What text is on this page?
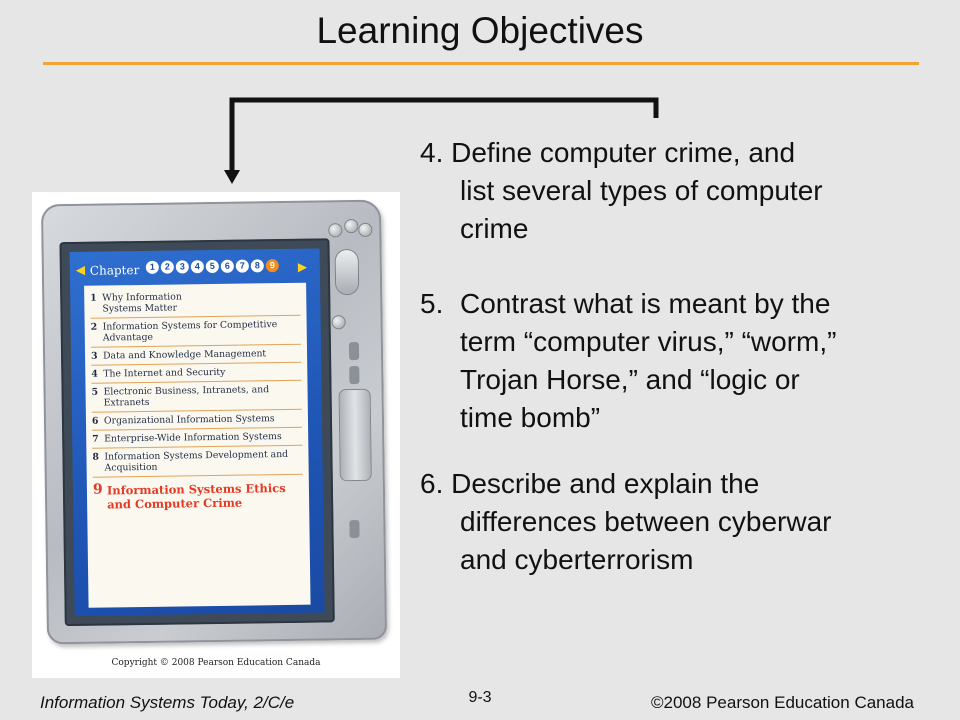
Learning Objectives
4. Define computer crime, and
list several types of computer
crime
5. Contrast what is meant by the
term “computer virus,” “worm,”
Trojan Horse,” and “logic or
time bomb”
6. Describe and explain the
differences between cyberwar
and cyberterrorism
◀ Chapter	1	2	3	4	5	6	7	8	9	▶
1 Why Information
Systems Matter
2 Information Systems for Competitive
Advantage
3 Data and Knowledge Management
4 The Internet and Security
5 Electronic Business, Intranets, and
Extranets
6 Organizational Information Systems
7 Enterprise-Wide Information Systems
8 Information Systems Development and
Acquisition
9 Information Systems Ethics
and Computer Crime
Copyright © 2008 Pearson Education Canada
Information Systems Today, 2/C/e	9-3	©2008 Pearson Education Canada
